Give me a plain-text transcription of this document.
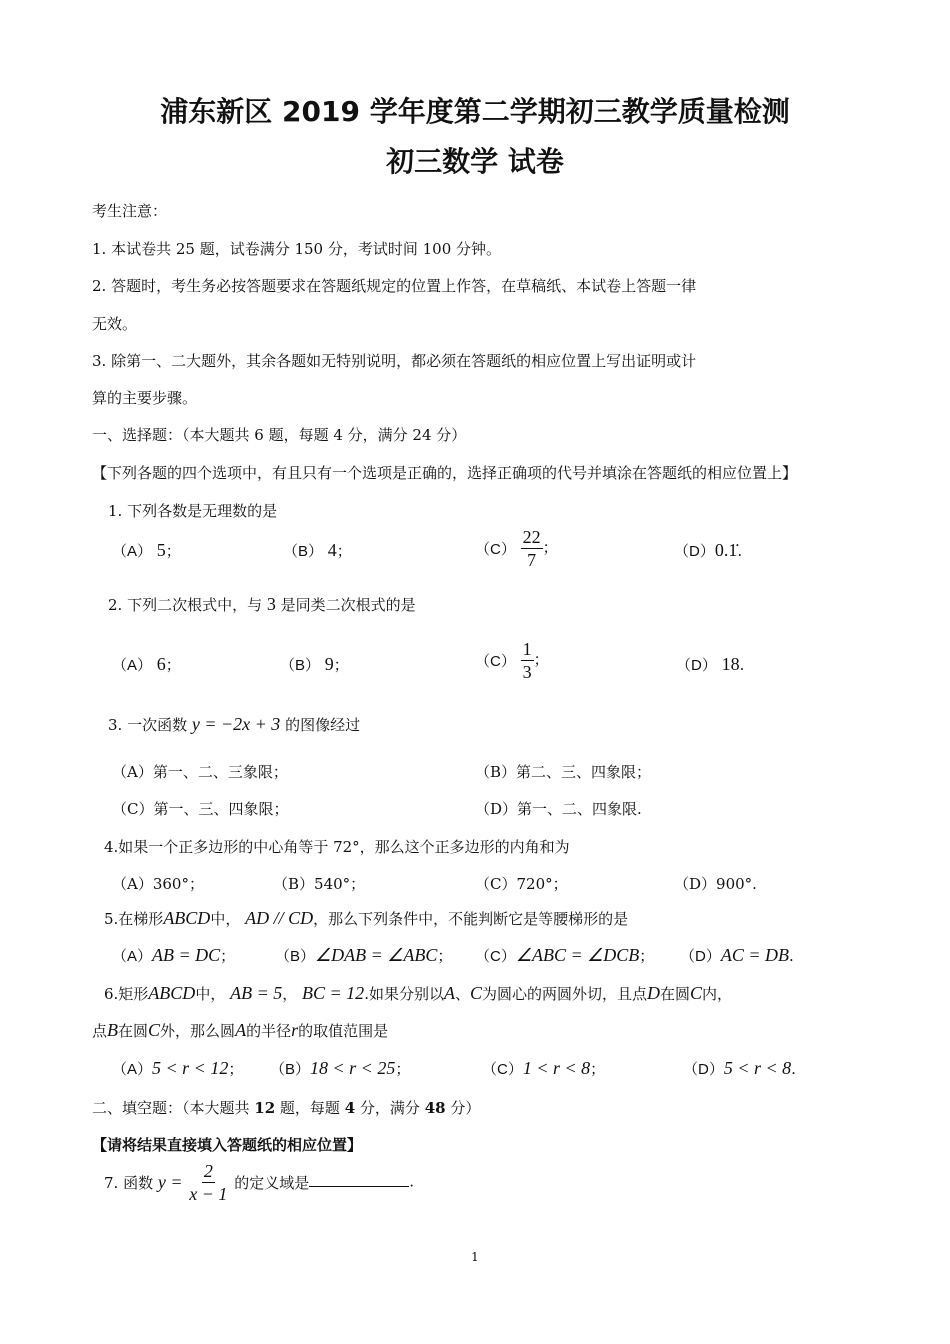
浦东新区 2019 学年度第二学期初三教学质量检测
初三数学 试卷
考生注意：
1. 本试卷共 25 题，试卷满分 150 分，考试时间 100 分钟。
2. 答题时，考生务必按答题要求在答题纸规定的位置上作答，在草稿纸、本试卷上答题一律
无效。
3. 除第一、二大题外，其余各题如无特别说明，都必须在答题纸的相应位置上写出证明或计
算的主要步骤。
一、选择题：（本大题共 6 题，每题 4 分，满分 24 分）
【下列各题的四个选项中，有且只有一个选项是正确的，选择正确项的代号并填涂在答题纸的相应位置上】
1. 下列各数是无理数的是
（A） 5；	（B） 4；	$(C) \frac{22}{7}$ ；	（D）0.1̇.
2. 下列二次根式中，与 3 是同类二次根式的是
（A） 6；	（B） 9；	$(C) \frac{1}{3}$ ；	（D） 18.
3. 一次函数 y = −2x + 3 的图像经过
（A）第一、二、三象限；	（B）第二、三、四象限；
（C）第一、三、四象限；	（D）第一、二、四象限.
4.如果一个正多边形的中心角等于 72°，那么这个正多边形的内角和为
（A）360°；	（B）540°；	（C）720°；	（D）900°.
5.在梯形ABCD中， AD // CD，那么下列条件中，不能判断它是等腰梯形的是
（A）AB = DC；	（B）∠DAB = ∠ABC； （C）∠ABC = ∠DCB； （D）AC = DB.
6.矩形ABCD中， AB = 5， BC = 12.如果分别以A、C为圆心的两圆外切，且点D在圆C内，
点B在圆C外，那么圆A的半径r的取值范围是
（A）5 < r < 12； （B）18 < r < 25；	（C）1 < r < 8；	（D）5 < r < 8.
二、填空题：（本大题共 12 题，每题 4 分，满分 48 分）
【请将结果直接填入答题纸的相应位置】
7. 函数 $y = \frac{2}{x - 1}$ 的定义域是	.
1
